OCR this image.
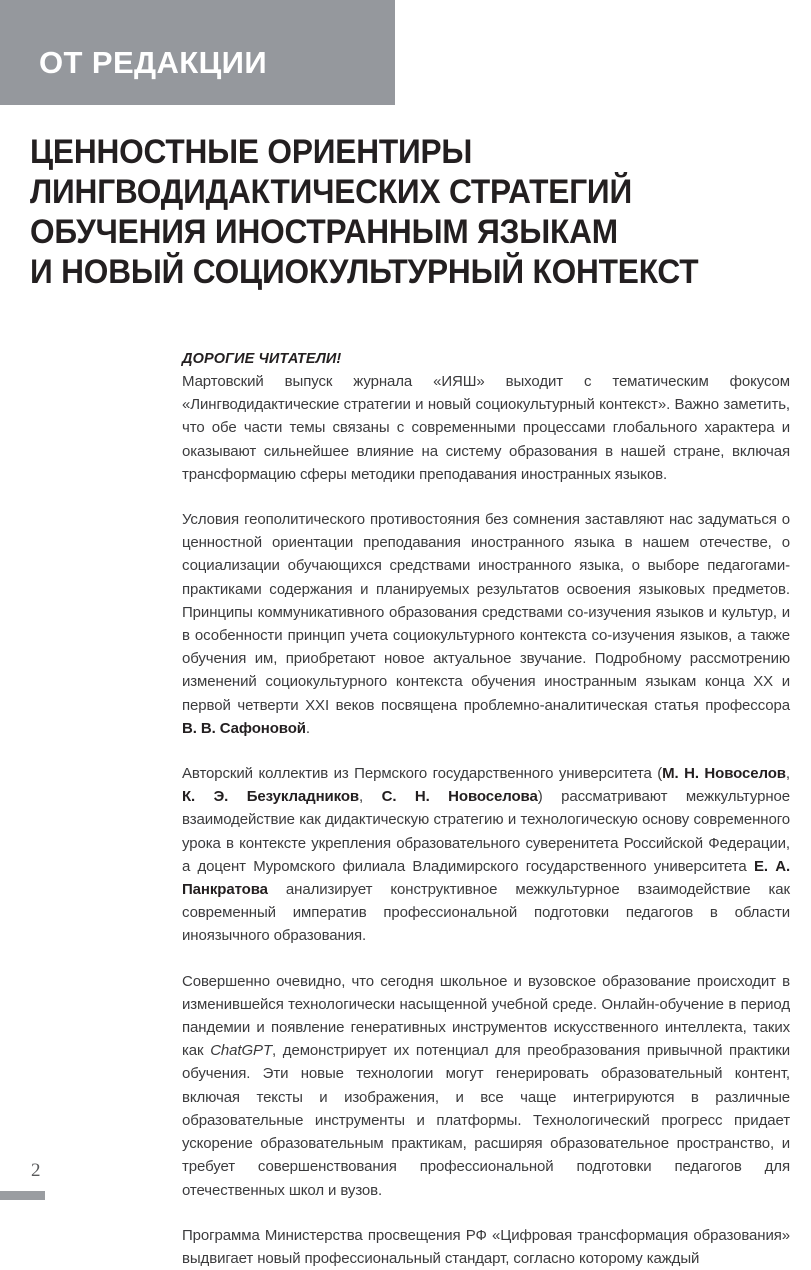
ОТ РЕДАКЦИИ
ЦЕННОСТНЫЕ ОРИЕНТИРЫ
ЛИНГВОДИДАКТИЧЕСКИХ СТРАТЕГИЙ
ОБУЧЕНИЯ ИНОСТРАННЫМ ЯЗЫКАМ
И НОВЫЙ СОЦИОКУЛЬТУРНЫЙ КОНТЕКСТ
ДОРОГИЕ ЧИТАТЕЛИ!

Мартовский выпуск журнала «ИЯШ» выходит с тематическим фокусом «Лингводидактические стратегии и новый социокультурный контекст». Важно заметить, что обе части темы связаны с современными процессами глобального характера и оказывают сильнейшее влияние на систему образования в нашей стране, включая трансформацию сферы методики преподавания иностранных языков.

Условия геополитического противостояния без сомнения заставляют нас задуматься о ценностной ориентации преподавания иностранного языка в нашем отечестве, о социализации обучающихся средствами иностранного языка, о выборе педагогами-практиками содержания и планируемых результатов освоения языковых предметов. Принципы коммуникативного образования средствами со-изучения языков и культур, и в особенности принцип учета социокультурного контекста со-изучения языков, а также обучения им, приобретают новое актуальное звучание. Подробному рассмотрению изменений социокультурного контекста обучения иностранным языкам конца XX и первой четверти XXI веков посвящена проблемно-аналитическая статья профессора В. В. Сафоновой.

Авторский коллектив из Пермского государственного университета (М. Н. Новоселов, К. Э. Безукладников, С. Н. Новоселова) рассматривают межкультурное взаимодействие как дидактическую стратегию и технологическую основу современного урока в контексте укрепления образовательного суверенитета Российской Федерации, а доцент Муромского филиала Владимирского государственного университета Е. А. Панкратова анализирует конструктивное межкультурное взаимодействие как современный императив профессиональной подготовки педагогов в области иноязычного образования.

Совершенно очевидно, что сегодня школьное и вузовское образование происходит в изменившейся технологически насыщенной учебной среде. Онлайн-обучение в период пандемии и появление генеративных инструментов искусственного интеллекта, таких как ChatGPT, демонстрирует их потенциал для преобразования привычной практики обучения. Эти новые технологии могут генерировать образовательный контент, включая тексты и изображения, и все чаще интегрируются в различные образовательные инструменты и платформы. Технологический прогресс придает ускорение образовательным практикам, расширяя образовательное пространство, и требует совершенствования профессиональной подготовки педагогов для отечественных школ и вузов.

Программа Министерства просвещения РФ «Цифровая трансформация образования» выдвигает новый профессиональный стандарт, согласно которому каждый

2
